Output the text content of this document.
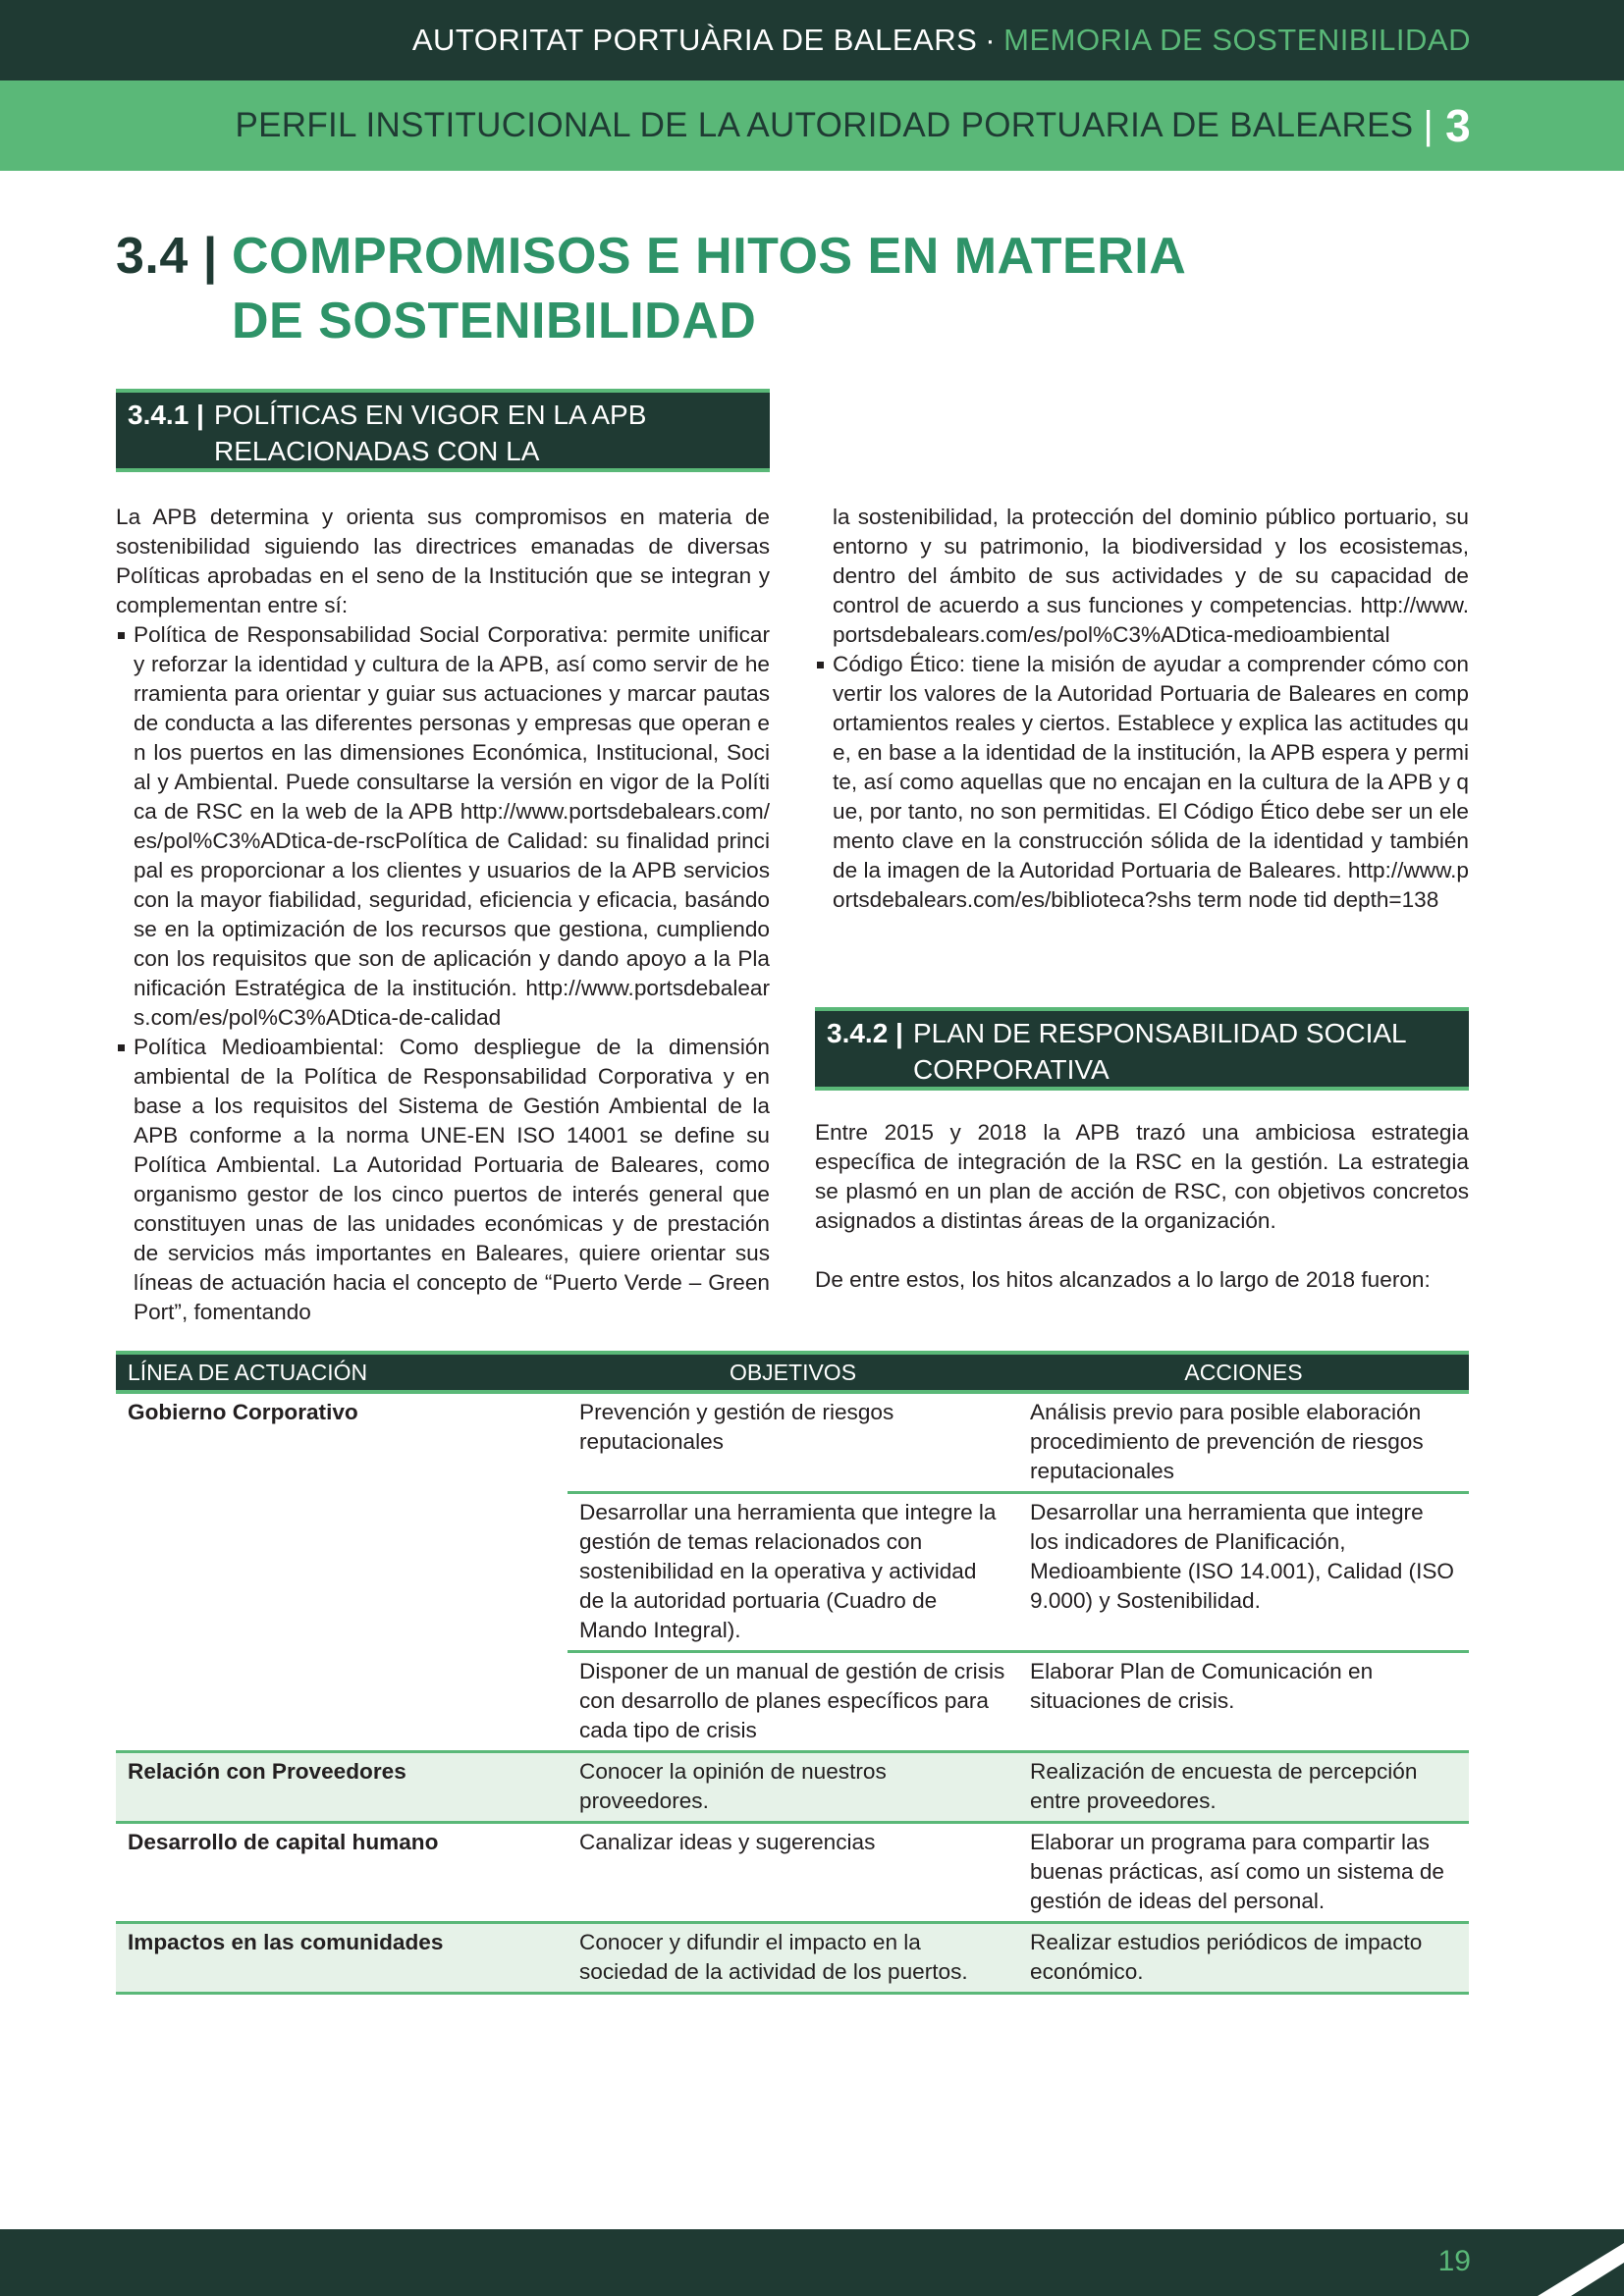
AUTORITAT PORTUÀRIA DE BALEARS · MEMORIA DE SOSTENIBILIDAD
PERFIL INSTITUCIONAL DE LA AUTORIDAD PORTUARIA DE BALEARES | 3
3.4 | COMPROMISOS E HITOS EN MATERIA
DE SOSTENIBILIDAD
3.4.1 | POLÍTICAS EN VIGOR EN LA APB
RELACIONADAS CON LA SOSTENIBILIDAD

La APB determina y orienta sus compromisos en materia de sostenibilidad siguiendo las directrices emanadas de diversas Políticas aprobadas en el seno de la Institución que se integran y complementan entre sí:

Política de Responsabilidad Social Corporativa: permite unificar y reforzar la identidad y cultura de la APB, así como servir de herramienta para orientar y guiar sus actuaciones y marcar pautas de conducta a las diferentes personas y empresas que operan en los puertos en las dimensiones Económica, Institucional, Social y Ambiental. Puede consultarse la versión en vigor de la Política de RSC en la web de la APB http://www.portsdebalears.com/es/pol%C3%ADtica-de-rscPolítica de Calidad: su finalidad principal es proporcionar a los clientes y usuarios de la APB servicios con la mayor fiabilidad, seguridad, eficiencia y eficacia, basándose en la optimización de los recursos que gestiona, cumpliendo con los requisitos que son de aplicación y dando apoyo a la Planificación Estratégica de la institución. http://www.portsdebalears.com/es/pol%C3%ADtica-de-calidad
Política Medioambiental: Como despliegue de la dimensión ambiental de la Política de Responsabilidad Corporativa y en base a los requisitos del Sistema de Gestión Ambiental de la APB conforme a la norma UNE-EN ISO 14001 se define su Política Ambiental. La Autoridad Portuaria de Baleares, como organismo gestor de los cinco puertos de interés general que constituyen unas de las unidades económicas y de prestación de servicios más importantes en Baleares, quiere orientar sus líneas de actuación hacia el concepto de “Puerto Verde – Green Port”, fomentando
3.4.2 | PLAN DE RESPONSABILIDAD SOCIAL
CORPORATIVA
la sostenibilidad, la protección del dominio público portuario, su entorno y su patrimonio, la biodiversidad y los ecosistemas, dentro del ámbito de sus actividades y de su capacidad de control de acuerdo a sus funciones y competencias. http://www.portsdebalears.com/es/pol%C3%ADtica-medioambiental
Código Ético: tiene la misión de ayudar a comprender cómo convertir los valores de la Autoridad Portuaria de Baleares en comportamientos reales y ciertos. Establece y explica las actitudes que, en base a la identidad de la institución, la APB espera y permite, así como aquellas que no encajan en la cultura de la APB y que, por tanto, no son permitidas. El Código Ético debe ser un elemento clave en la construcción sólida de la identidad y también de la imagen de la Autoridad Portuaria de Baleares. http://www.portsdebalears.com/es/biblioteca?shs term node tid depth=138

Entre 2015 y 2018 la APB trazó una ambiciosa estrategia específica de integración de la RSC en la gestión. La estrategia se plasmó en un plan de acción de RSC, con objetivos concretos asignados a distintas áreas de la organización.

De entre estos, los hitos alcanzados a lo largo de 2018 fueron:

LÍNEA DE ACTUACIÓN	OBJETIVOS	ACCIONES
Gobierno Corporativo	Prevención y gestión de riesgos reputacionales	Análisis previo para posible elaboración procedimiento de prevención de riesgos reputacionales
	Desarrollar una herramienta que integre la gestión de temas relacionados con sostenibilidad en la operativa y actividad de la autoridad portuaria (Cuadro de Mando Integral).	Desarrollar una herramienta que integre los indicadores de Planificación, Medioambiente (ISO 14.001), Calidad (ISO 9.000) y Sostenibilidad.
	Disponer de un manual de gestión de crisis con desarrollo de planes específicos para cada tipo de crisis	Elaborar Plan de Comunicación en situaciones de crisis.
Relación con Proveedores	Conocer la opinión de nuestros proveedores.	Realización de encuesta de percepción entre proveedores.
Desarrollo de capital humano	Canalizar ideas y sugerencias	Elaborar un programa para compartir las buenas prácticas, así como un sistema de gestión de ideas del personal.
Impactos en las comunidades	Conocer y difundir el impacto en la sociedad de la actividad de los puertos.	Realizar estudios periódicos de impacto económico.
19
